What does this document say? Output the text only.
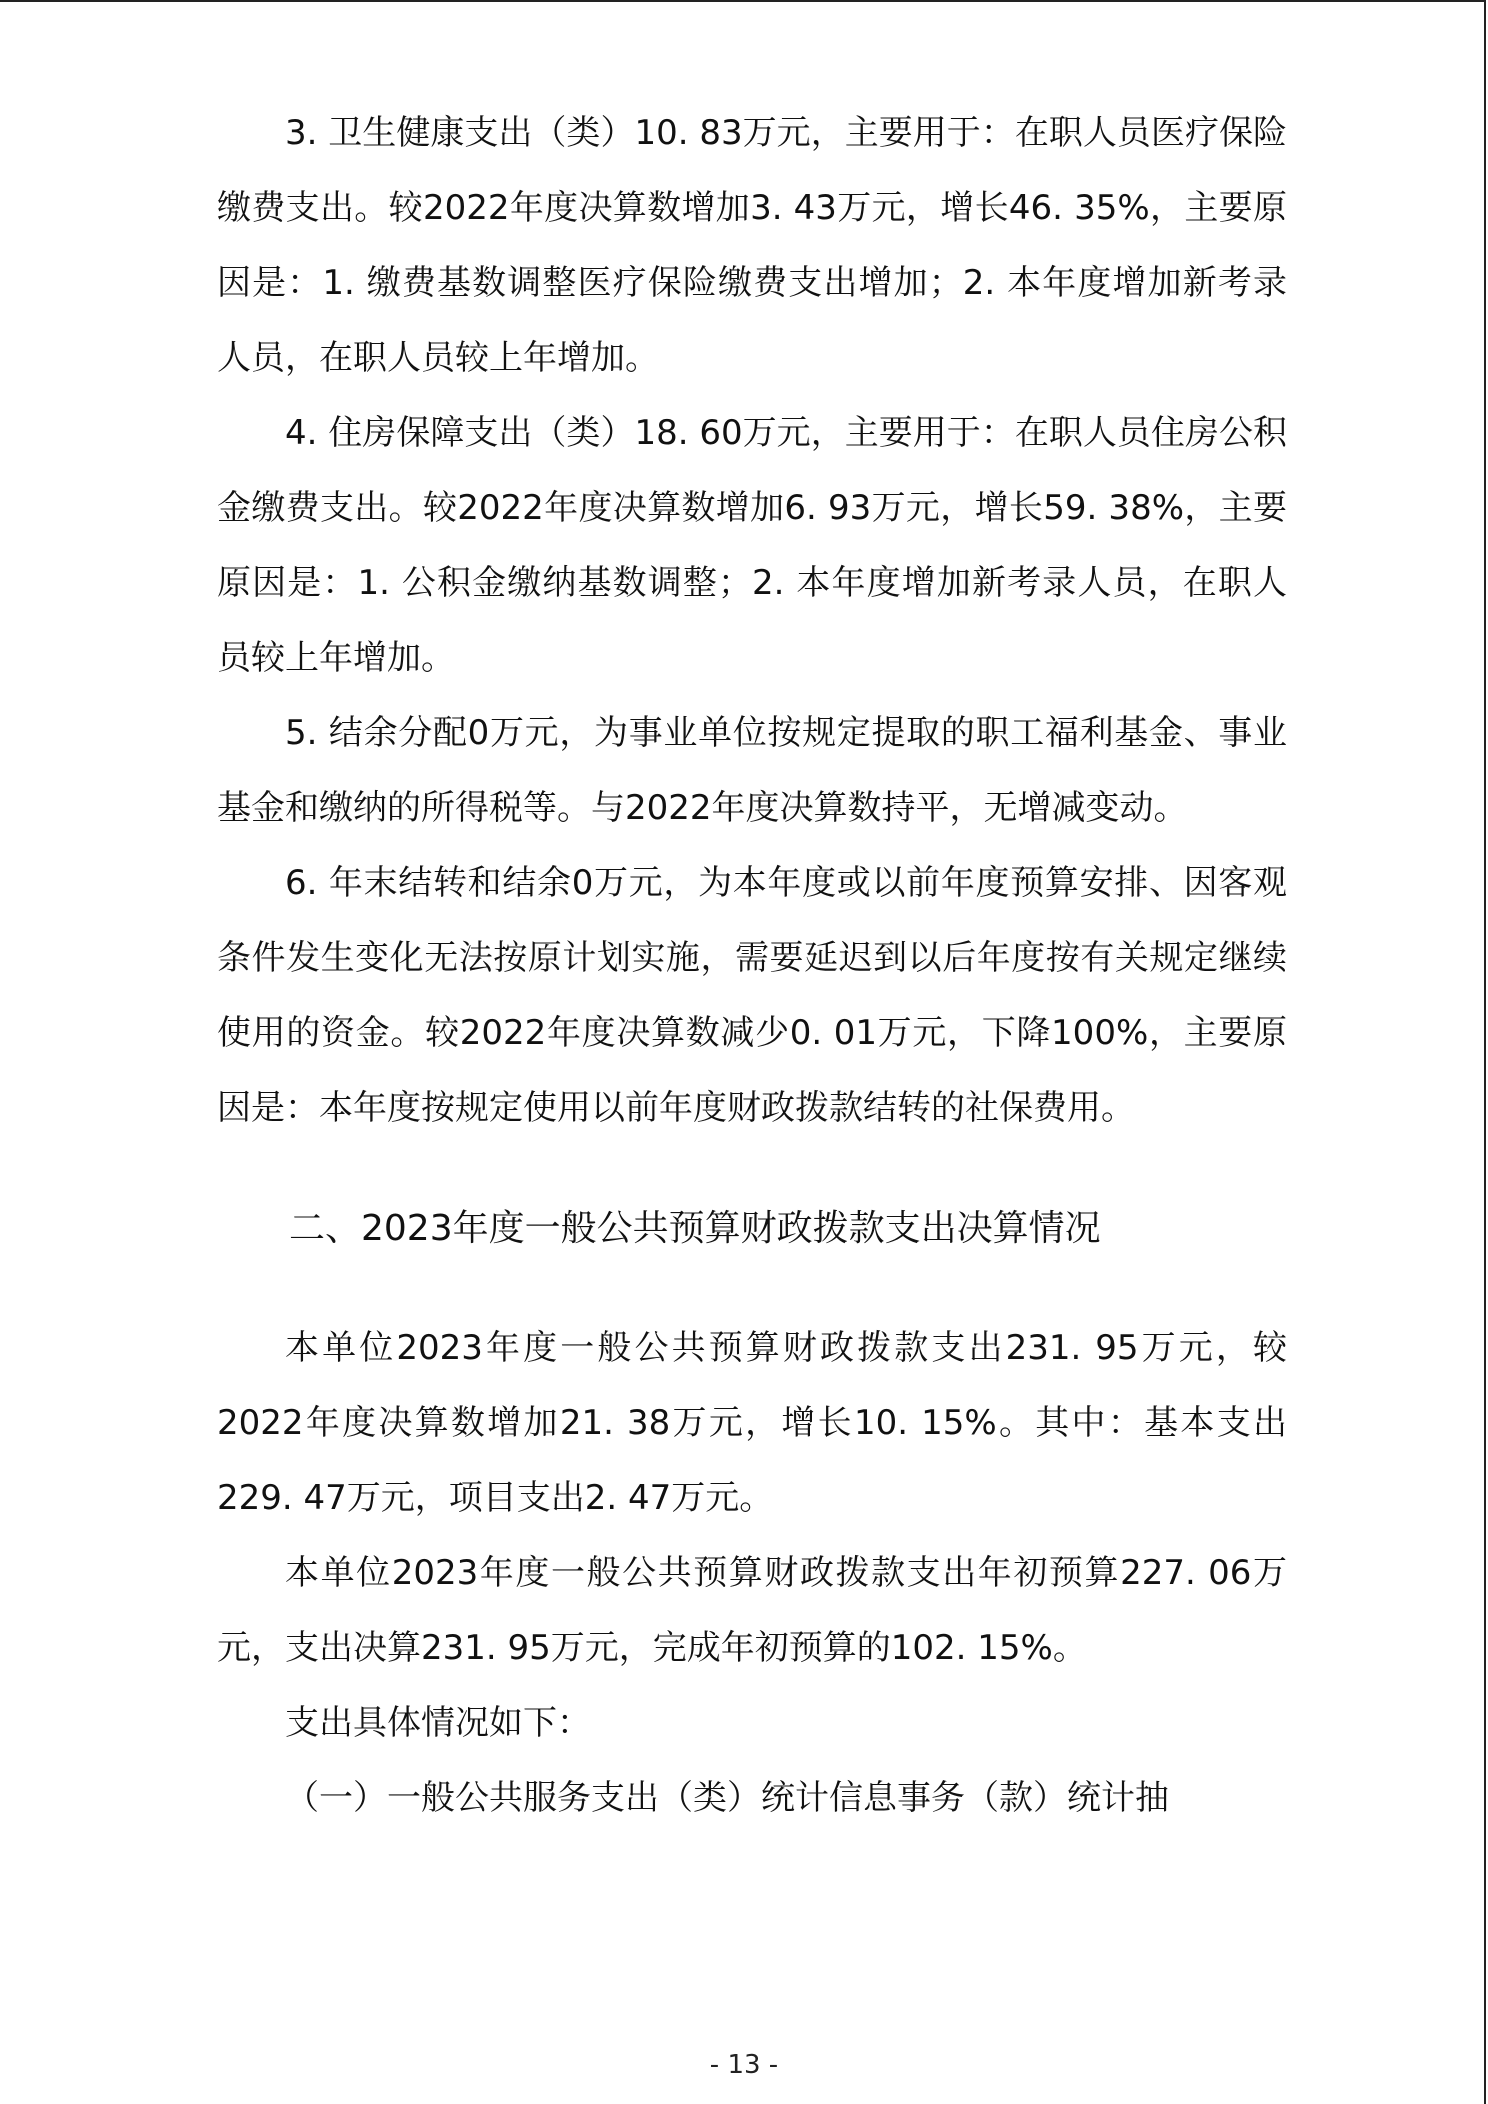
3. 卫生健康支出（类）10. 83万元，主要用于：在职人员医疗保险缴费支出。较2022年度决算数增加3. 43万元，增长46. 35%，主要原因是：1. 缴费基数调整医疗保险缴费支出增加；2. 本年度增加新考录人员，在职人员较上年增加。

4. 住房保障支出（类）18. 60万元，主要用于：在职人员住房公积金缴费支出。较2022年度决算数增加6. 93万元，增长59. 38%，主要原因是：1. 公积金缴纳基数调整；2. 本年度增加新考录人员，在职人员较上年增加。

5. 结余分配0万元，为事业单位按规定提取的职工福利基金、事业基金和缴纳的所得税等。与2022年度决算数持平，无增减变动。

6. 年末结转和结余0万元，为本年度或以前年度预算安排、因客观条件发生变化无法按原计划实施，需要延迟到以后年度按有关规定继续使用的资金。较2022年度决算数减少0. 01万元，下降100%，主要原因是：本年度按规定使用以前年度财政拨款结转的社保费用。

二、2023年度一般公共预算财政拨款支出决算情况

本单位2023年度一般公共预算财政拨款支出231. 95万元，较2022年度决算数增加21. 38万元，增长10. 15%。其中：基本支出229. 47万元，项目支出2. 47万元。

本单位2023年度一般公共预算财政拨款支出年初预算227. 06万元，支出决算231. 95万元，完成年初预算的102. 15%。

支出具体情况如下：

（一）一般公共服务支出（类）统计信息事务（款）统计抽

- 13 -
